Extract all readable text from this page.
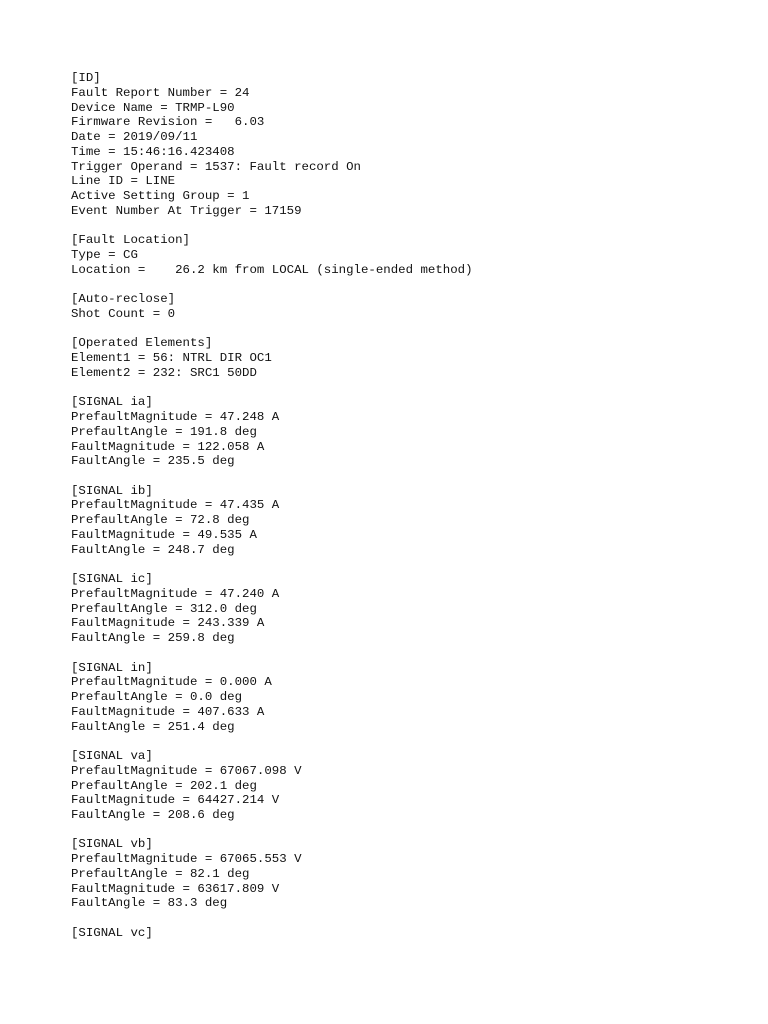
[ID]
Fault Report Number = 24
Device Name = TRMP-L90
Firmware Revision =   6.03
Date = 2019/09/11
Time = 15:46:16.423408
Trigger Operand = 1537: Fault record On
Line ID = LINE
Active Setting Group = 1
Event Number At Trigger = 17159
[Fault Location]
Type = CG
Location =    26.2 km from LOCAL (single-ended method)
[Auto-reclose]
Shot Count = 0
[Operated Elements]
Element1 = 56: NTRL DIR OC1
Element2 = 232: SRC1 50DD
[SIGNAL ia]
PrefaultMagnitude = 47.248 A
PrefaultAngle = 191.8 deg
FaultMagnitude = 122.058 A
FaultAngle = 235.5 deg
[SIGNAL ib]
PrefaultMagnitude = 47.435 A
PrefaultAngle = 72.8 deg
FaultMagnitude = 49.535 A
FaultAngle = 248.7 deg
[SIGNAL ic]
PrefaultMagnitude = 47.240 A
PrefaultAngle = 312.0 deg
FaultMagnitude = 243.339 A
FaultAngle = 259.8 deg
[SIGNAL in]
PrefaultMagnitude = 0.000 A
PrefaultAngle = 0.0 deg
FaultMagnitude = 407.633 A
FaultAngle = 251.4 deg
[SIGNAL va]
PrefaultMagnitude = 67067.098 V
PrefaultAngle = 202.1 deg
FaultMagnitude = 64427.214 V
FaultAngle = 208.6 deg
[SIGNAL vb]
PrefaultMagnitude = 67065.553 V
PrefaultAngle = 82.1 deg
FaultMagnitude = 63617.809 V
FaultAngle = 83.3 deg
[SIGNAL vc]
